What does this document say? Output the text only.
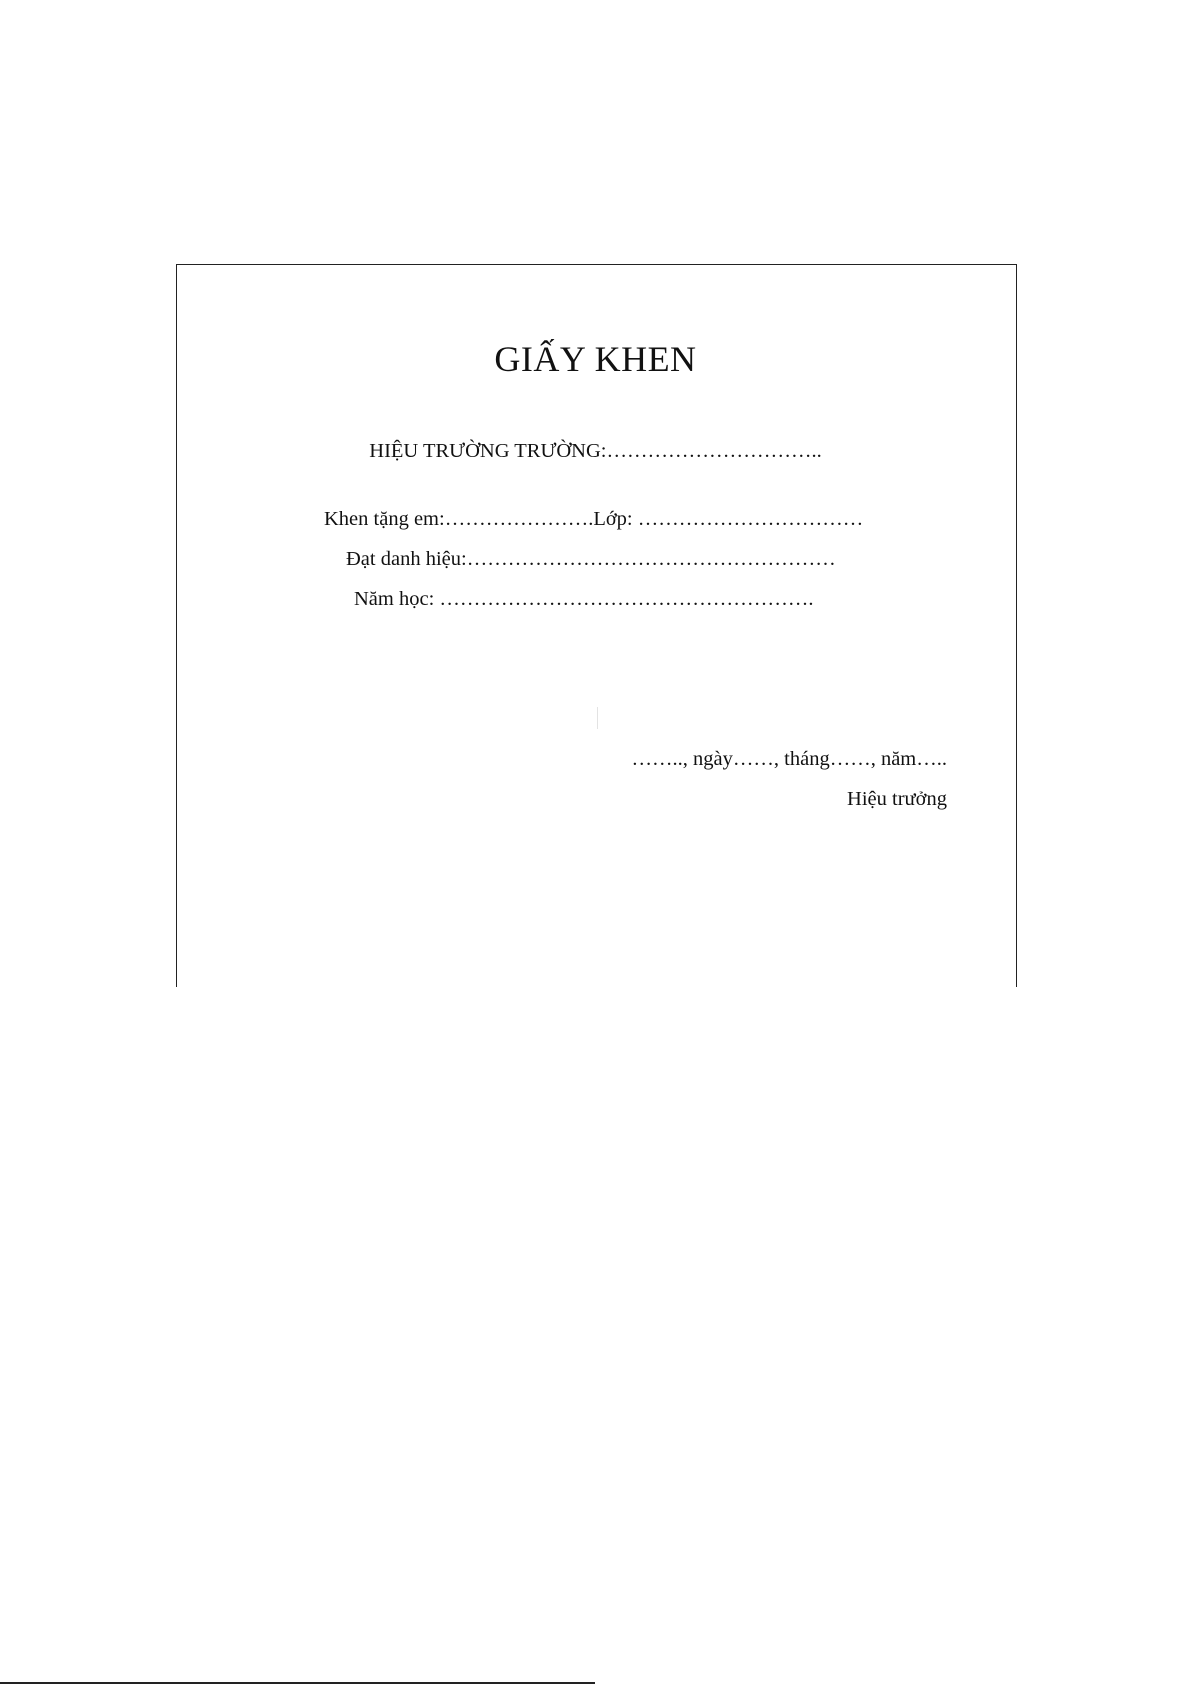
GIẤY KHEN
HIỆU TRƯỜNG TRƯỜNG:…………………………..
Khen tặng em:………………….Lớp: ……………………………
Đạt danh hiệu:………………………………………………
Năm học: ……………………………………………….
…….., ngày……, tháng……, năm…..
Hiệu trưởng
